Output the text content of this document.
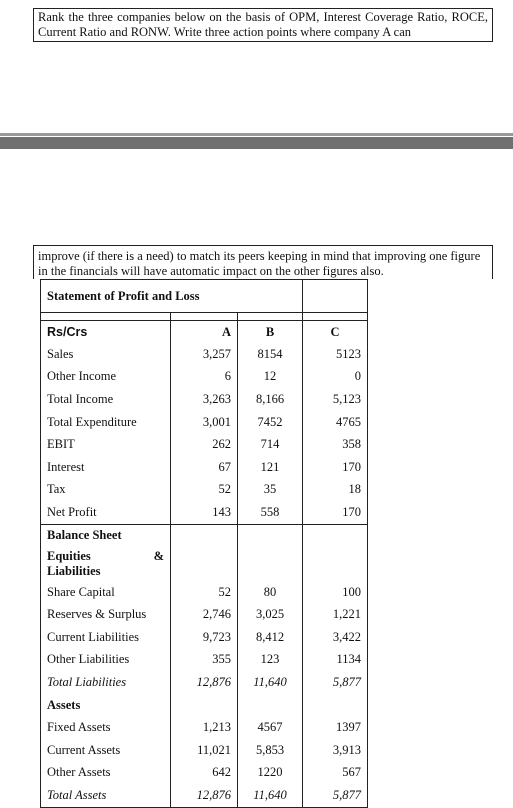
Rank the three companies below on the basis of OPM, Interest Coverage Ratio, ROCE, Current Ratio and RONW. Write three action points where company A can
improve (if there is a need) to match its peers keeping in mind that improving one figure in the financials will have automatic impact on the other figures also.
Statement of Profit and Loss			

Rs/Crs	A	B	C
Sales	3,257	8154	5123
Other Income	6	12	0
Total Income	3,263	8,166	5,123
Total Expenditure	3,001	7452	4765
EBIT	262	714	358
Interest	67	121	170
Tax	52	35	18
Net Profit	143	558	170
Balance Sheet			

Equities &
Liabilities			

Share Capital	52	80	100
Reserves & Surplus	2,746	3,025	1,221
Current Liabilities	9,723	8,412	3,422
Other Liabilities	355	123	1134
Total Liabilities	12,876	11,640	5,877
Assets			
Fixed Assets	1,213	4567	1397
Current Assets	11,021	5,853	3,913
Other Assets	642	1220	567
Total Assets	12,876	11,640	5,877
